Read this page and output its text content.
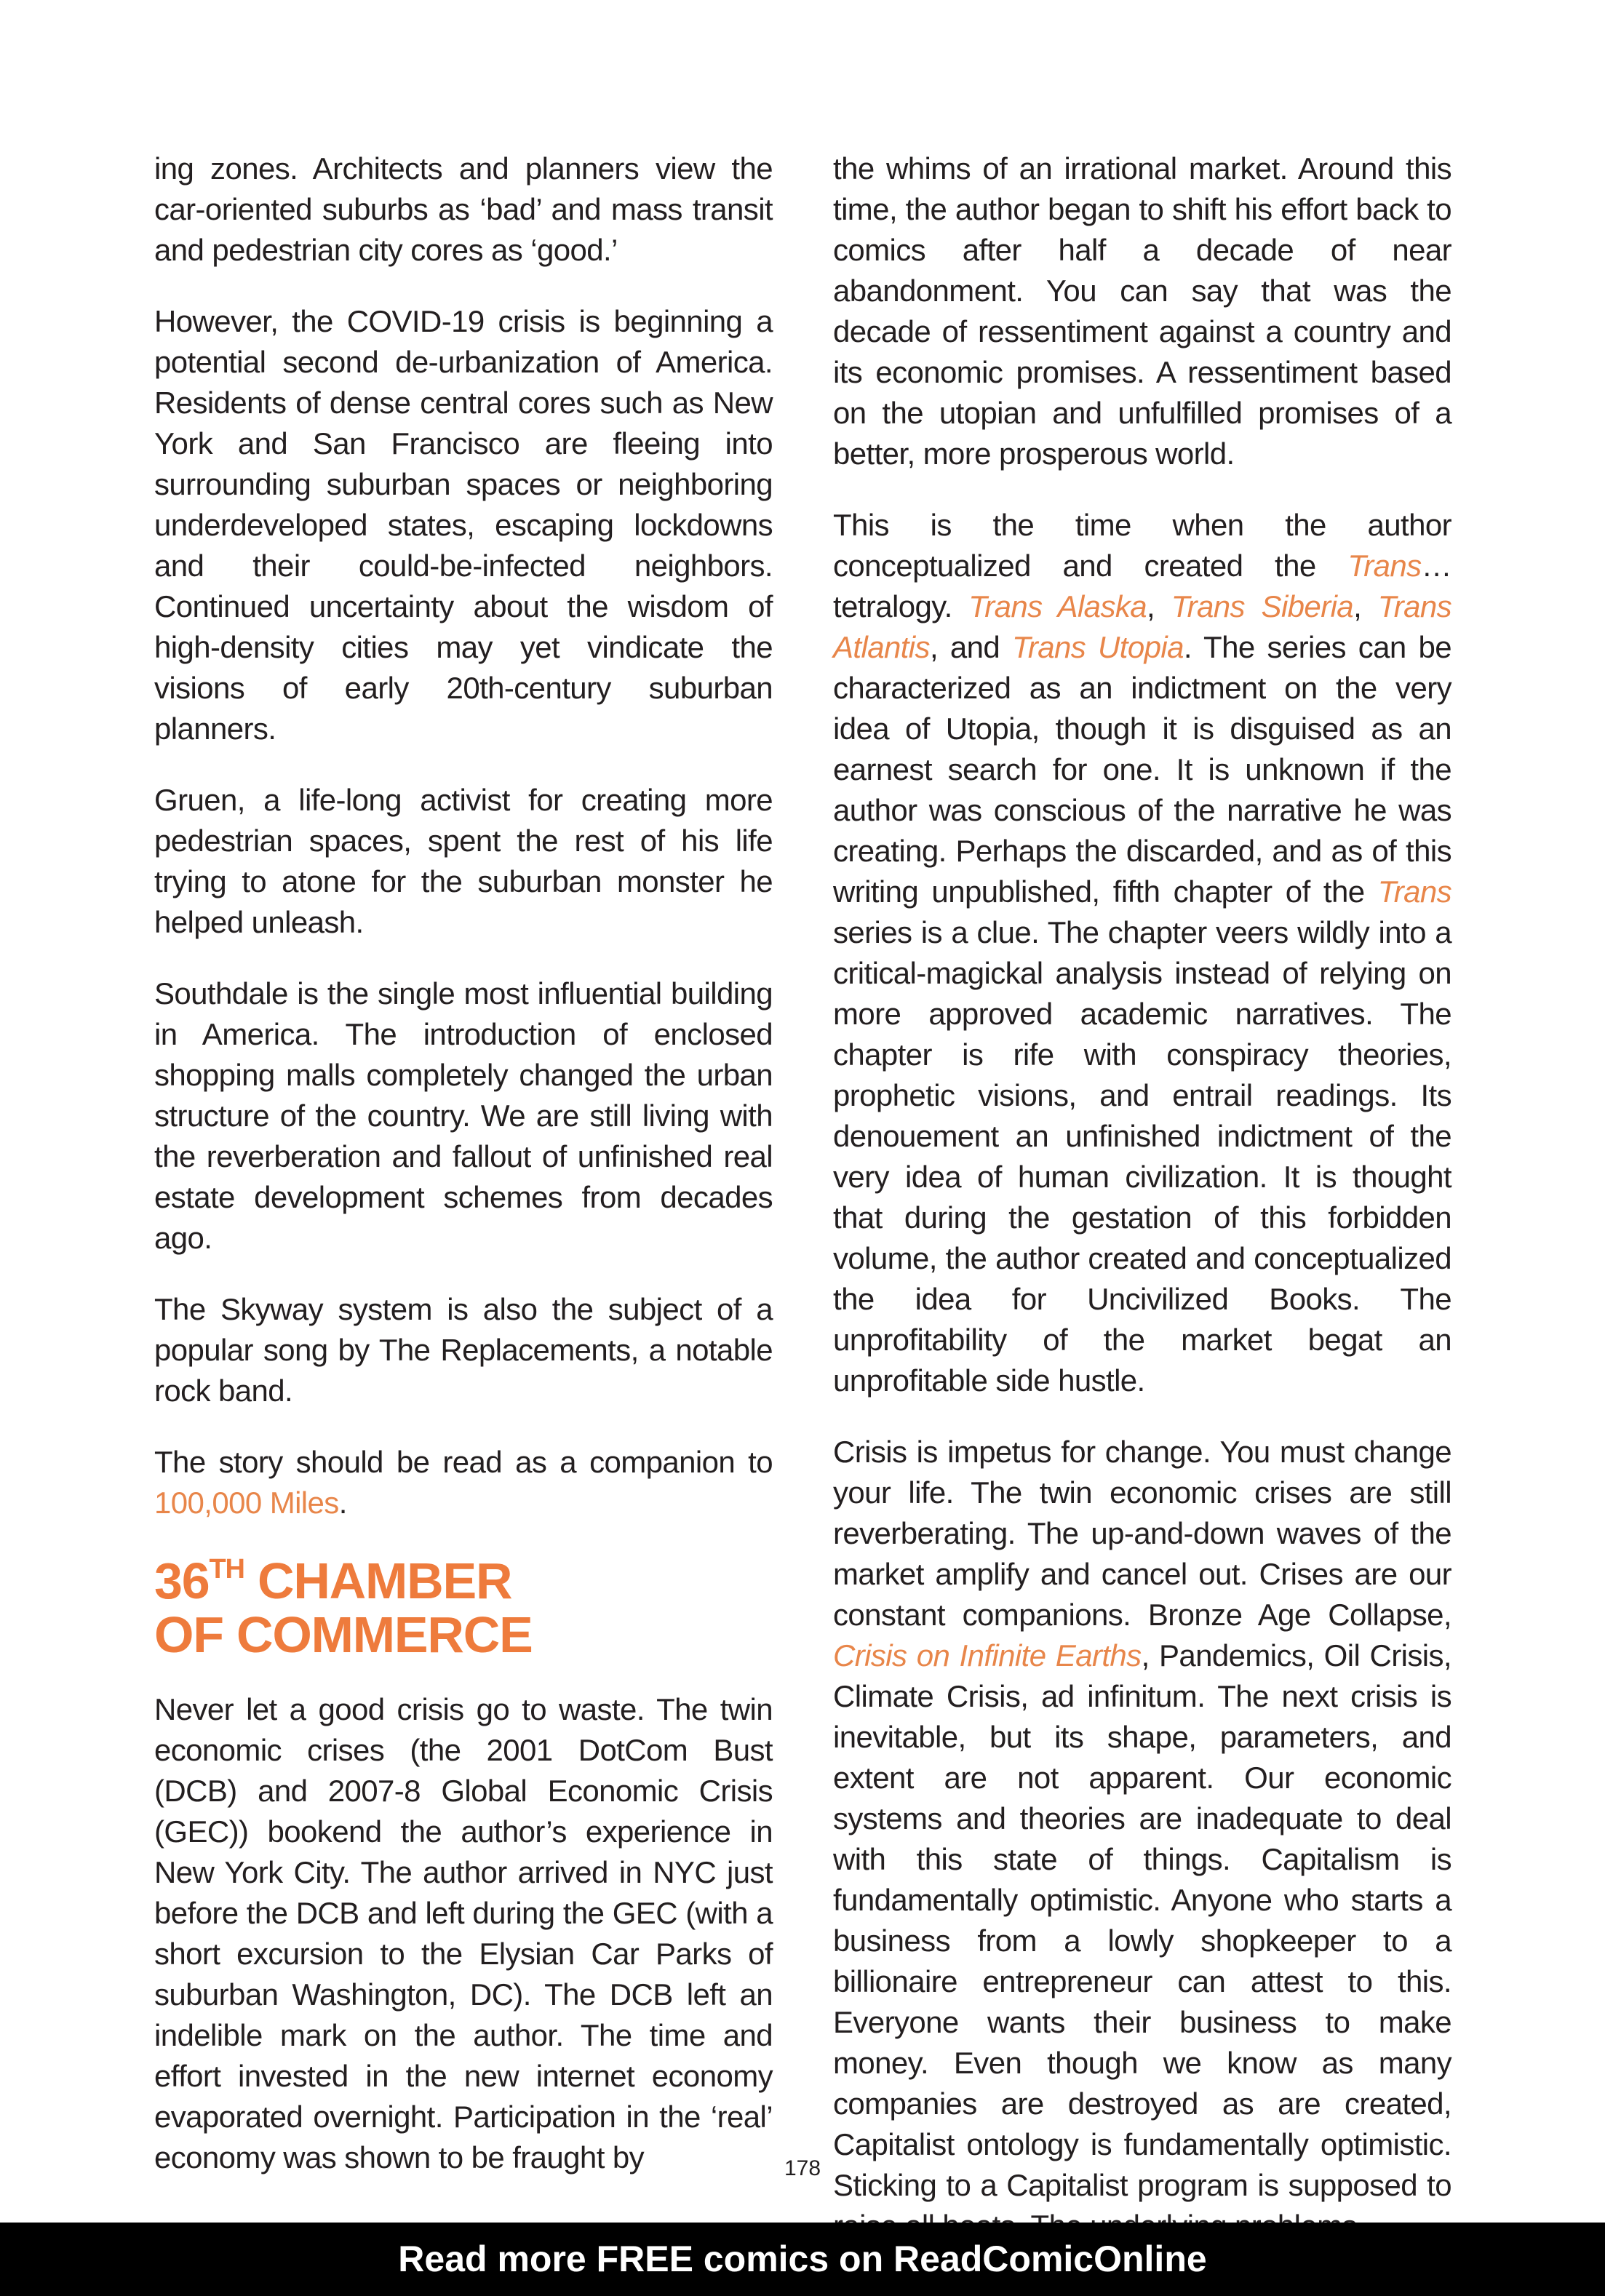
ing zones. Architects and planners view the car-oriented suburbs as ‘bad’ and mass transit and pedestrian city cores as ‘good.’

However, the COVID-19 crisis is beginning a potential second de-urbanization of America. Residents of dense central cores such as New York and San Francisco are fleeing into surrounding suburban spaces or neighboring underdeveloped states, escaping lockdowns and their could-be-infected neighbors. Continued uncertainty about the wisdom of high-density cities may yet vindicate the visions of early 20th-century suburban planners.

Gruen, a life-long activist for creating more pedestrian spaces, spent the rest of his life trying to atone for the suburban monster he helped unleash.

Southdale is the single most influential building in America. The introduction of enclosed shopping malls completely changed the urban structure of the country. We are still living with the reverberation and fallout of unfinished real estate development schemes from decades ago.

The Skyway system is also the subject of a popular song by The Replacements, a notable rock band.

The story should be read as a companion to 100,000 Miles.

36TH CHAMBER
OF COMMERCE

Never let a good crisis go to waste. The twin economic crises (the 2001 DotCom Bust (DCB) and 2007-8 Global Economic Crisis (GEC)) bookend the author’s experience in New York City. The author arrived in NYC just before the DCB and left during the GEC (with a short excursion to the Elysian Car Parks of suburban Washington, DC). The DCB left an indelible mark on the author. The time and effort invested in the new internet economy evaporated overnight. Participation in the ‘real’ economy was shown to be fraught by

the whims of an irrational market. Around this time, the author began to shift his effort back to comics after half a decade of near abandonment. You can say that was the decade of ressentiment against a country and its economic promises. A ressentiment based on the utopian and unfulfilled promises of a better, more prosperous world.

This is the time when the author conceptualized and created the Trans… tetralogy. Trans Alaska, Trans Siberia, Trans Atlantis, and Trans Utopia. The series can be characterized as an indictment on the very idea of Utopia, though it is disguised as an earnest search for one. It is unknown if the author was conscious of the narrative he was creating. Perhaps the discarded, and as of this writing unpublished, fifth chapter of the Trans series is a clue. The chapter veers wildly into a critical-magickal analysis instead of relying on more approved academic narratives. The chapter is rife with conspiracy theories, prophetic visions, and entrail readings. Its denouement an unfinished indictment of the very idea of human civilization. It is thought that during the gestation of this forbidden volume, the author created and conceptualized the idea for Uncivilized Books. The unprofitability of the market begat an unprofitable side hustle.

Crisis is impetus for change. You must change your life. The twin economic crises are still reverberating. The up-and-down waves of the market amplify and cancel out. Crises are our constant companions. Bronze Age Collapse, Crisis on Infinite Earths, Pandemics, Oil Crisis, Climate Crisis, ad infinitum. The next crisis is inevitable, but its shape, parameters, and extent are not apparent. Our economic systems and theories are inadequate to deal with this state of things. Capitalism is fundamentally optimistic. Anyone who starts a business from a lowly shopkeeper to a billionaire entrepreneur can attest to this. Everyone wants their business to make money. Even though we know as many companies are destroyed as are created, Capitalist ontology is fundamentally optimistic. Sticking to a Capitalist program is supposed to

178
Read more FREE comics on ReadComicOnline
